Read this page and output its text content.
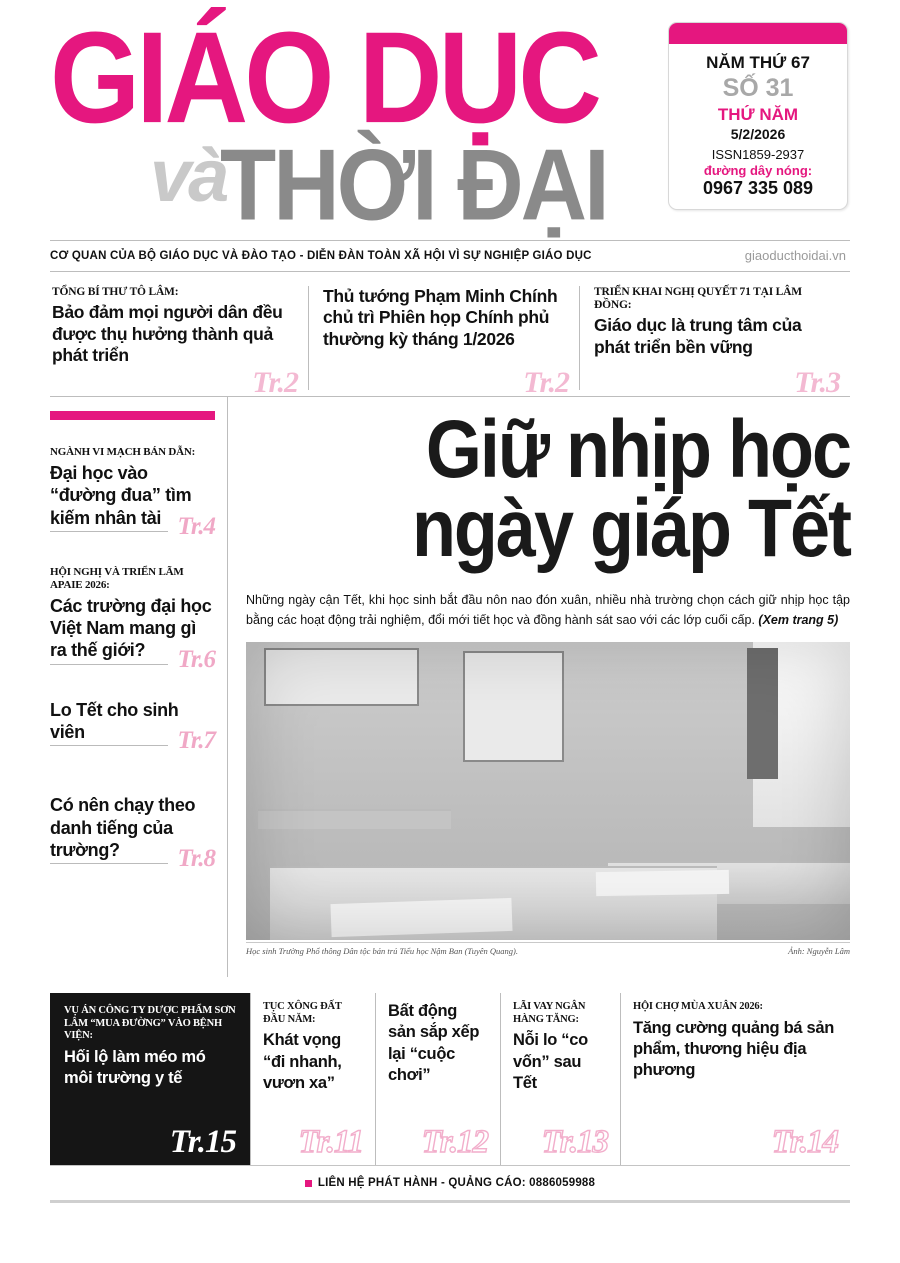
GIÁO DỤC
và
THỜI ĐẠI
NĂM THỨ 67
SỐ 31
THỨ NĂM
5/2/2026
ISSN1859-2937
đường dây nóng:
0967 335 089
CƠ QUAN CỦA BỘ GIÁO DỤC VÀ ĐÀO TẠO - DIỄN ĐÀN TOÀN XÃ HỘI VÌ SỰ NGHIỆP GIÁO DỤC	giaoducthoidai.vn
TỔNG BÍ THƯ TÔ LÂM:
Bảo đảm mọi người dân đều được thụ hưởng thành quả phát triển
Tr.2
Thủ tướng Phạm Minh Chính chủ trì Phiên họp Chính phủ thường kỳ tháng 1/2026
Tr.2
TRIỂN KHAI NGHỊ QUYẾT 71 TẠI LÂM ĐỒNG:
Giáo dục là trung tâm của phát triển bền vững
Tr.3
NGÀNH VI MẠCH BÁN DẪN:
Đại học vào “đường đua” tìm kiếm nhân tài Tr.4
HỘI NGHỊ VÀ TRIỂN LÃM APAIE 2026:
Các trường đại học Việt Nam mang gì ra thế giới?	Tr.6
Lo Tết cho sinh viên	Tr.7
Có nên chạy theo danh tiếng của trường?	Tr.8
Giữ nhịp học
ngày giáp Tết
Những ngày cận Tết, khi học sinh bắt đầu nôn nao đón xuân, nhiều nhà trường chọn cách giữ nhịp học tập bằng các hoạt động trải nghiệm, đổi mới tiết học và đồng hành sát sao với các lớp cuối cấp. (Xem trang 5)
Học sinh Trường Phổ thông Dân tộc bán trú Tiểu học Nậm Ban (Tuyên Quang).	Ảnh: Nguyễn Lâm
VỤ ÁN CÔNG TY DƯỢC PHẨM SƠN LÂM “MUA ĐƯỜNG” VÀO BỆNH VIỆN:
Hối lộ làm méo mó môi trường y tế
Tr.15
TỤC XÔNG ĐẤT ĐẦU NĂM:
Khát vọng “đi nhanh, vươn xa”
Tr.11
Bất động sản sắp xếp lại “cuộc chơi”
Tr.12
LÃI VAY NGÂN HÀNG TĂNG:
Nỗi lo “co vốn” sau Tết
Tr.13
HỘI CHỢ MÙA XUÂN 2026:
Tăng cường quảng bá sản phẩm, thương hiệu địa phương
Tr.14
LIÊN HỆ PHÁT HÀNH - QUẢNG CÁO: 0886059988
